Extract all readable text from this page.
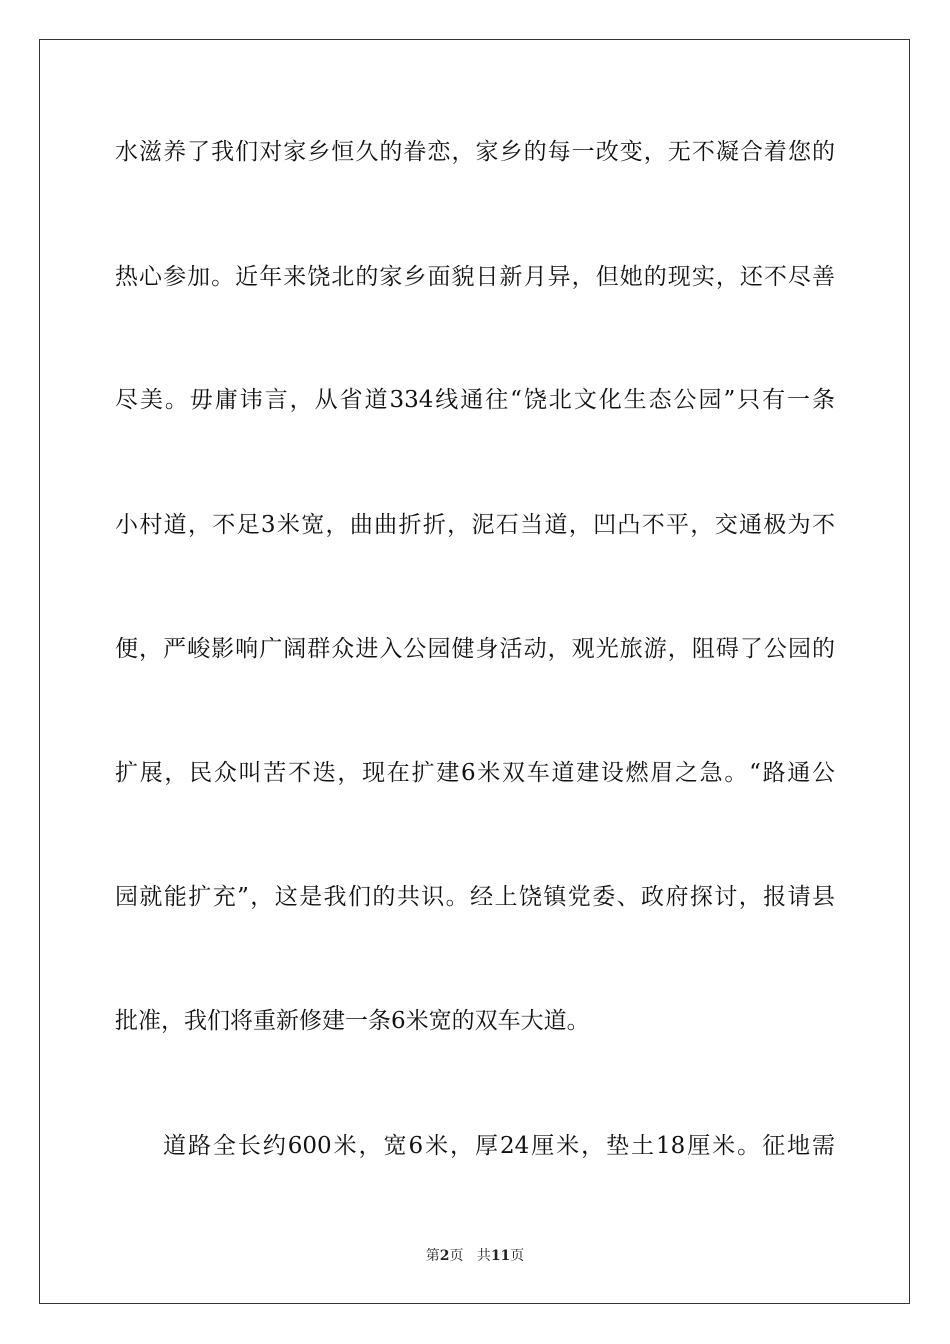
水滋养了我们对家乡恒久的眷恋，家乡的每一改变，无不凝合着您的
热心参加。近年来饶北的家乡面貌日新月异，但她的现实，还不尽善
尽美。毋庸讳言，从省道334线通往“饶北文化生态公园”只有一条
小村道，不足3米宽，曲曲折折，泥石当道，凹凸不平，交通极为不
便，严峻影响广阔群众进入公园健身活动，观光旅游，阻碍了公园的
扩展，民众叫苦不迭，现在扩建6米双车道建设燃眉之急。“路通公
园就能扩充”，这是我们的共识。经上饶镇党委、政府探讨，报请县
批准，我们将重新修建一条6米宽的双车大道。
道路全长约600米，宽6米，厚24厘米，垫土18厘米。征地需
第2页 共11页
